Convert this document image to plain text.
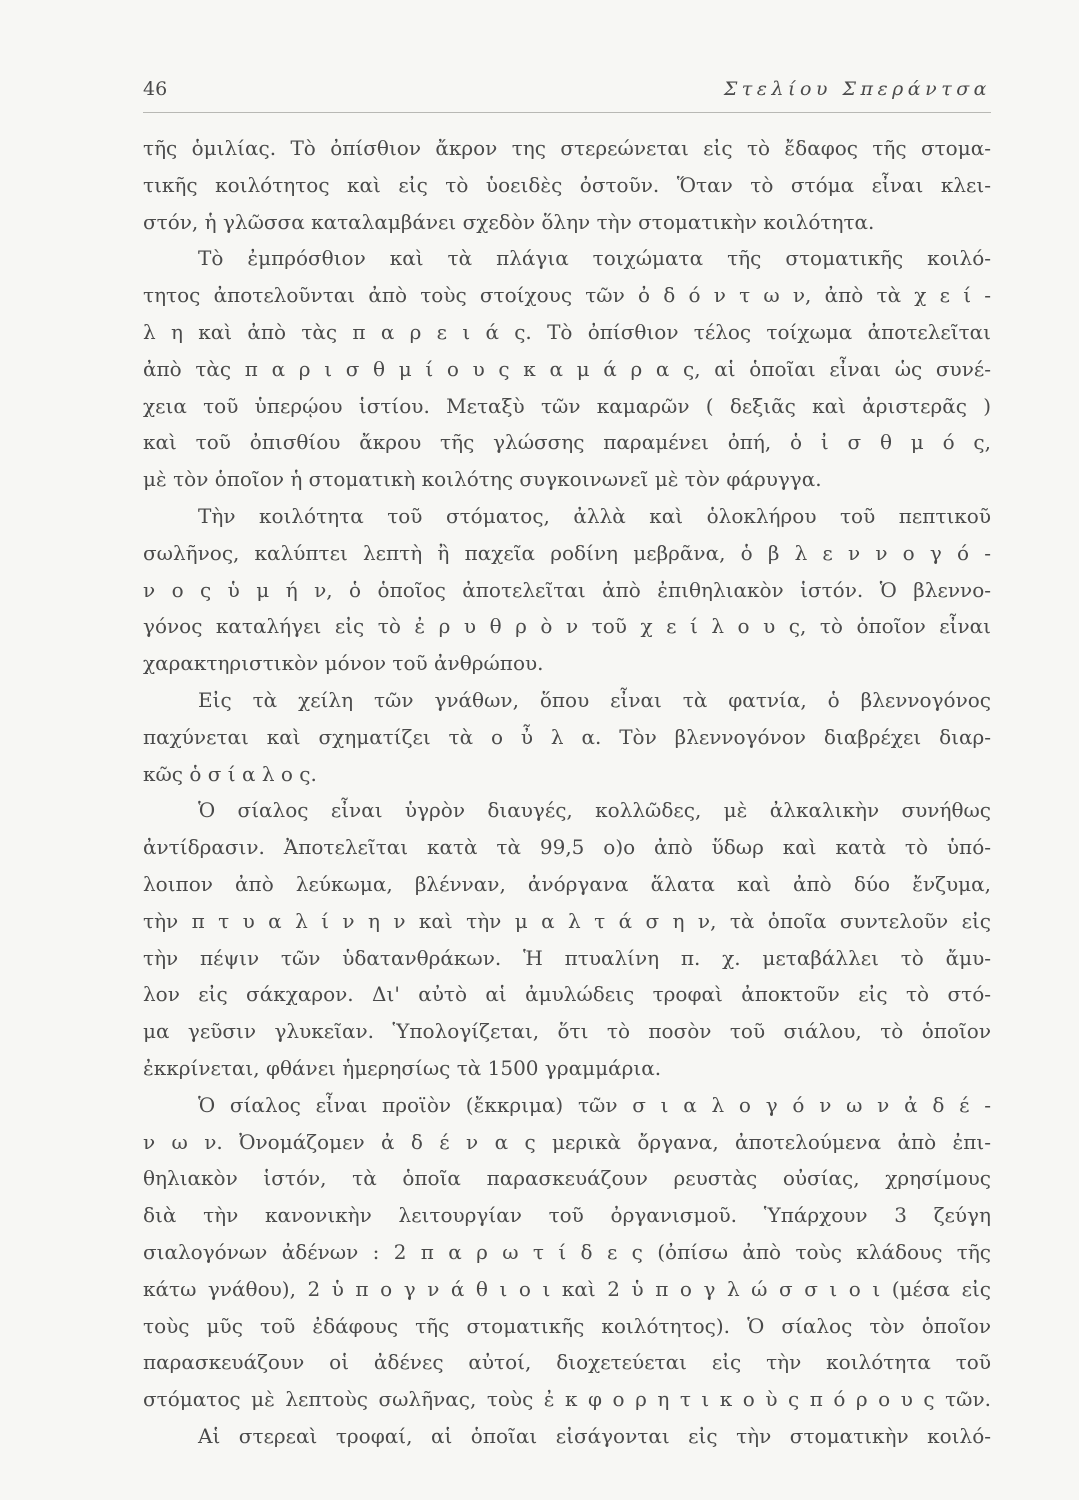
46	Στελίου Σπεράντσα
τῆς ὁμιλίας. Τὸ ὀπίσθιον ἄκρον της στερεώνεται εἰς τὸ ἔδαφος τῆς στομα-
τικῆς κοιλότητος καὶ εἰς τὸ ὑοειδὲς ὀστοῦν. Ὅταν τὸ στόμα εἶναι κλει-
στόν, ἡ γλῶσσα καταλαμβάνει σχεδὸν ὅλην τὴν στοματικὴν κοιλότητα.
Τὸ ἐμπρόσθιον καὶ τὰ πλάγια τοιχώματα τῆς στοματικῆς κοιλό-
τητος ἀποτελοῦνται ἀπὸ τοὺς στοίχους τῶν ὀ δ ό ν τ ω ν, ἀπὸ τὰ χ ε ί -
λ η καὶ ἀπὸ τὰς π α ρ ε ι ά ς. Τὸ ὀπίσθιον τέλος τοίχωμα ἀποτελεῖται
ἀπὸ τὰς π α ρ ι σ θ μ ί ο υ ς κ α μ ά ρ α ς, αἱ ὁποῖαι εἶναι ὡς συνέ-
χεια τοῦ ὑπερῴου ἱστίου. Μεταξὺ τῶν καμαρῶν ( δεξιᾶς καὶ ἀριστερᾶς )
καὶ τοῦ ὀπισθίου ἄκρου τῆς γλώσσης παραμένει ὀπή, ὁ ἰ σ θ μ ό ς,
μὲ τὸν ὁποῖον ἡ στοματικὴ κοιλότης συγκοινωνεῖ μὲ τὸν φάρυγγα.
Τὴν κοιλότητα τοῦ στόματος, ἀλλὰ καὶ ὁλοκλήρου τοῦ πεπτικοῦ
σωλῆνος, καλύπτει λεπτὴ ἢ παχεῖα ροδίνη μεβρᾶνα, ὁ β λ ε ν ν ο γ ό -
ν ο ς ὑ μ ή ν, ὁ ὁποῖος ἀποτελεῖται ἀπὸ ἐπιθηλιακὸν ἱστόν. Ὁ βλεννο-
γόνος καταλήγει εἰς τὸ ἐ ρ υ θ ρ ὸ ν τοῦ χ ε ί λ ο υ ς, τὸ ὁποῖον εἶναι
χαρακτηριστικὸν μόνον τοῦ ἀνθρώπου.
Εἰς τὰ χείλη τῶν γνάθων, ὅπου εἶναι τὰ φατνία, ὁ βλεννογόνος
παχύνεται καὶ σχηματίζει τὰ ο ὖ λ α. Τὸν βλεννογόνον διαβρέχει διαρ-
κῶς ὁ σ ί α λ ο ς.
Ὁ σίαλος εἶναι ὑγρὸν διαυγές, κολλῶδες, μὲ ἀλκαλικὴν συνήθως
ἀντίδρασιν. Ἀποτελεῖται κατὰ τὰ 99,5 ο)ο ἀπὸ ὕδωρ καὶ κατὰ τὸ ὑπό-
λοιπον ἀπὸ λεύκωμα, βλένναν, ἀνόργανα ἅλατα καὶ ἀπὸ δύο ἔνζυμα,
τὴν π τ υ α λ ί ν η ν καὶ τὴν μ α λ τ ά σ η ν, τὰ ὁποῖα συντελοῦν εἰς
τὴν πέψιν τῶν ὑδατανθράκων. Ἡ πτυαλίνη π. χ. μεταβάλλει τὸ ἄμυ-
λον εἰς σάκχαρον. Δι' αὐτὸ αἱ ἀμυλώδεις τροφαὶ ἀποκτοῦν εἰς τὸ στό-
μα γεῦσιν γλυκεῖαν. Ὑπολογίζεται, ὅτι τὸ ποσὸν τοῦ σιάλου, τὸ ὁποῖον
ἐκκρίνεται, φθάνει ἡμερησίως τὰ 1500 γραμμάρια.
Ὁ σίαλος εἶναι προϊὸν (ἔκκριμα) τῶν σ ι α λ ο γ ό ν ω ν ἀ δ έ -
ν ω ν. Ὀνομάζομεν ἀ δ έ ν α ς μερικὰ ὄργανα, ἀποτελούμενα ἀπὸ ἐπι-
θηλιακὸν ἱστόν, τὰ ὁποῖα παρασκευάζουν ρευστὰς οὐσίας, χρησίμους
διὰ τὴν κανονικὴν λειτουργίαν τοῦ ὀργανισμοῦ. Ὑπάρχουν 3 ζεύγη
σιαλογόνων ἀδένων : 2 π α ρ ω τ ί δ ε ς (ὀπίσω ἀπὸ τοὺς κλάδους τῆς
κάτω γνάθου), 2 ὑ π ο γ ν ά θ ι ο ι καὶ 2 ὑ π ο γ λ ώ σ σ ι ο ι (μέσα εἰς
τοὺς μῦς τοῦ ἐδάφους τῆς στοματικῆς κοιλότητος). Ὁ σίαλος τὸν ὁποῖον
παρασκευάζουν οἱ ἀδένες αὐτοί, διοχετεύεται εἰς τὴν κοιλότητα τοῦ
στόματος μὲ λεπτοὺς σωλῆνας, τοὺς ἐ κ φ ο ρ η τ ι κ ο ὺ ς π ό ρ ο υ ς τῶν.
Αἱ στερεαὶ τροφαί, αἱ ὁποῖαι εἰσάγονται εἰς τὴν στοματικὴν κοιλό-
